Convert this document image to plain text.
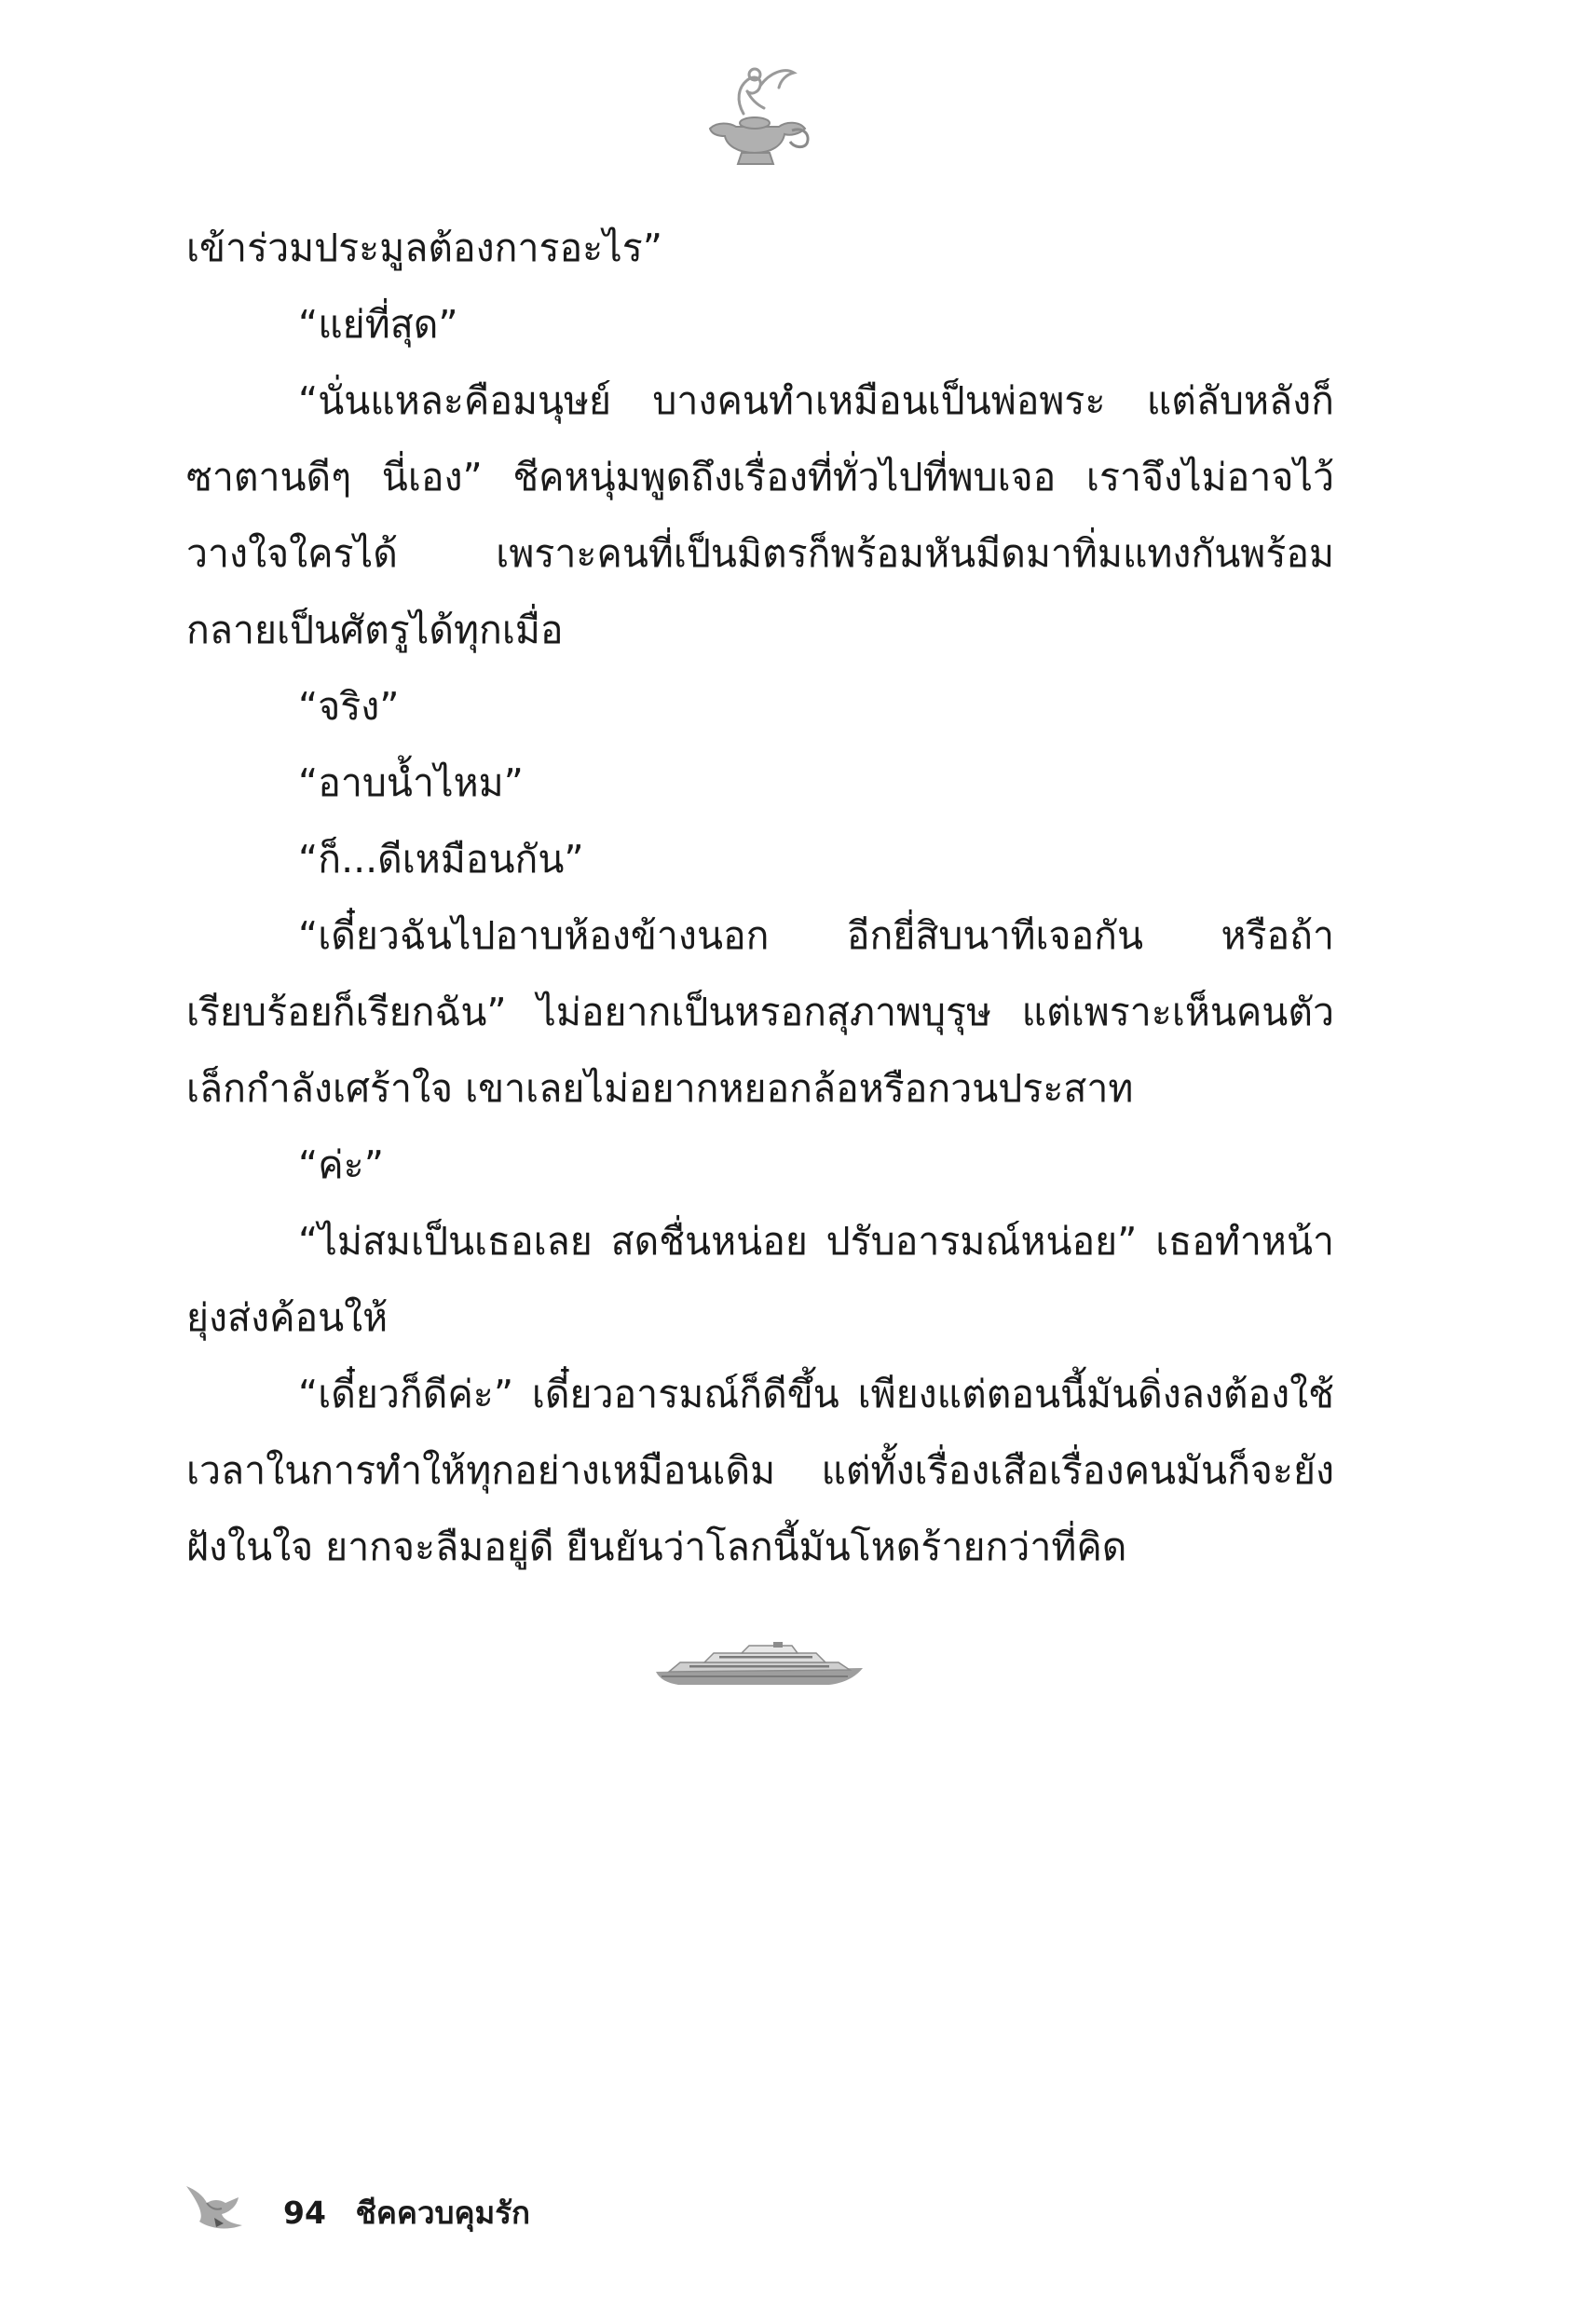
เข้าร่วมประมูลต้องการอะไร”

“แย่ที่สุด”

“นั่นแหละคือมนุษย์ บางคนทำเหมือนเป็นพ่อพระ แต่ลับหลังก็ซาตานดีๆ นี่เอง” ชีคหนุ่มพูดถึงเรื่องที่ทั่วไปที่พบเจอ เราจึงไม่อาจไว้วางใจใครได้ เพราะคนที่เป็นมิตรก็พร้อมหันมีดมาทิ่มแทงกันพร้อมกลายเป็นศัตรูได้ทุกเมื่อ

“จริง”

“อาบน้ำไหม”

“ก็...ดีเหมือนกัน”

“เดี๋ยวฉันไปอาบห้องข้างนอก อีกยี่สิบนาทีเจอกัน หรือถ้าเรียบร้อยก็เรียกฉัน” ไม่อยากเป็นหรอกสุภาพบุรุษ แต่เพราะเห็นคนตัวเล็กกำลังเศร้าใจ เขาเลยไม่อยากหยอกล้อหรือกวนประสาท

“ค่ะ”

“ไม่สมเป็นเธอเลย สดชื่นหน่อย ปรับอารมณ์หน่อย” เธอทำหน้ายุ่งส่งค้อนให้

“เดี๋ยวก็ดีค่ะ” เดี๋ยวอารมณ์ก็ดีขึ้น เพียงแต่ตอนนี้มันดิ่งลงต้องใช้เวลาในการทำให้ทุกอย่างเหมือนเดิม แต่ทั้งเรื่องเสือเรื่องคนมันก็จะยังฝังในใจ ยากจะลืมอยู่ดี ยืนยันว่าโลกนี้มันโหดร้ายกว่าที่คิด

94 ชีคควบคุมรัก
